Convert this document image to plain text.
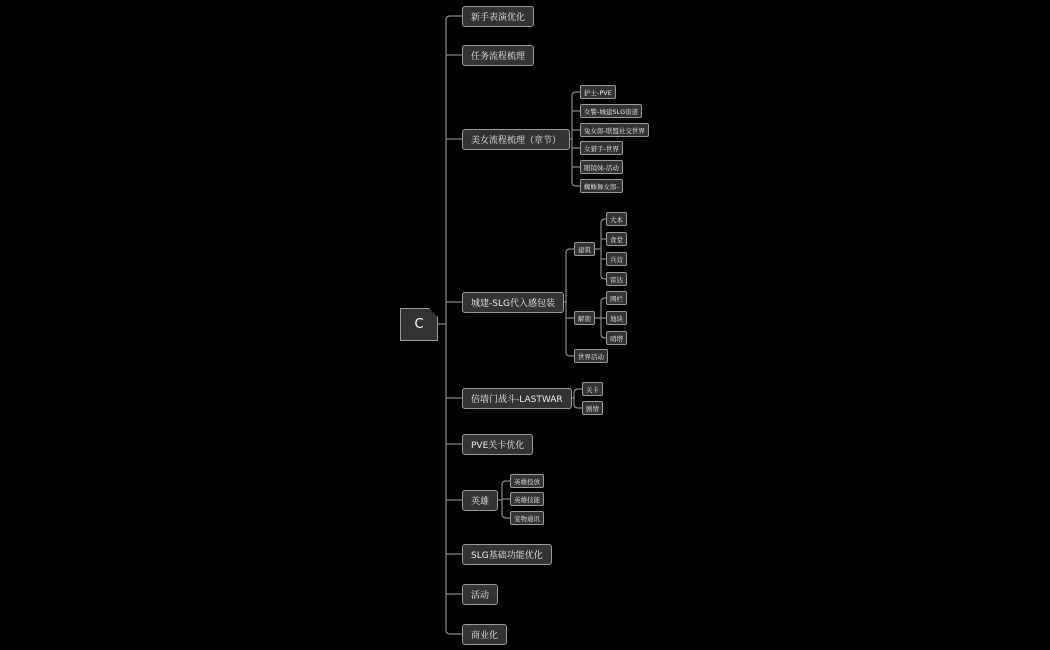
C
新手表演优化
任务流程梳理
美女流程梳理（章节）
护士-PVE
女警-城建SLG街道
兔女郎-联盟社交世界
女猎手-世界
眼镜妹-活动
蜘蛛舞女郎-
城建-SLG代入感包装
建筑
大本
食堂
兵营
雷达
解锁
围栏
地块
哨塔
世界活动
倍墙门战斗-LASTWAR
关卡
剧情
PVE关卡优化
英雄
英雄投放
英雄技能
宠物通讯
SLG基础功能优化
活动
商业化
